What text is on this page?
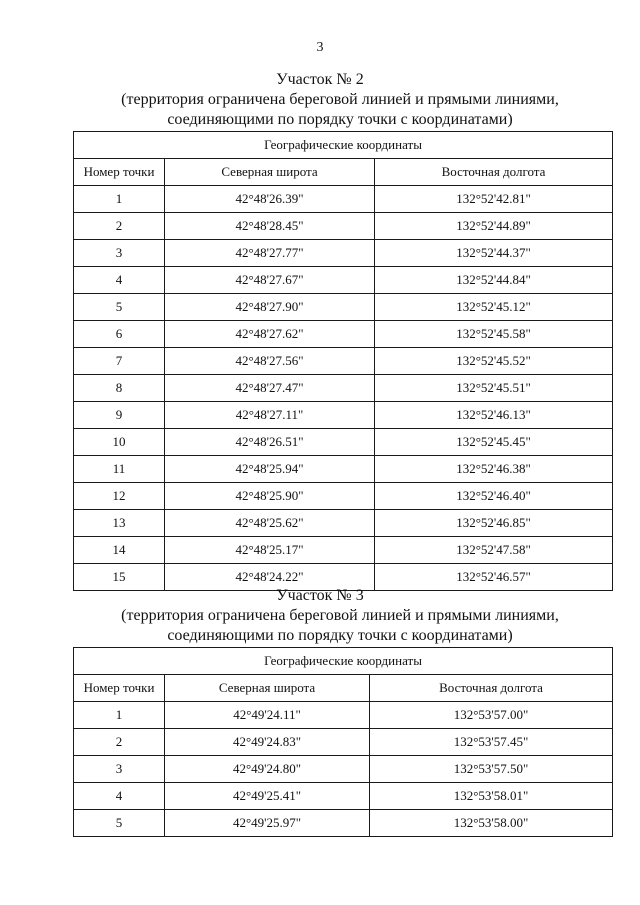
3
Участок № 2
(территория ограничена береговой линией и прямыми линиями, соединяющими по порядку точки с координатами)
Географические координаты		
Номер точки	Северная широта	Восточная долгота
1	42°48'26.39"	132°52'42.81"
2	42°48'28.45"	132°52'44.89"
3	42°48'27.77"	132°52'44.37"
4	42°48'27.67"	132°52'44.84"
5	42°48'27.90"	132°52'45.12"
6	42°48'27.62"	132°52'45.58"
7	42°48'27.56"	132°52'45.52"
8	42°48'27.47"	132°52'45.51"
9	42°48'27.11"	132°52'46.13"
10	42°48'26.51"	132°52'45.45"
11	42°48'25.94"	132°52'46.38"
12	42°48'25.90"	132°52'46.40"
13	42°48'25.62"	132°52'46.85"
14	42°48'25.17"	132°52'47.58"
15	42°48'24.22"	132°52'46.57"
Участок № 3
(территория ограничена береговой линией и прямыми линиями, соединяющими по порядку точки с координатами)
Географические координаты		
Номер точки	Северная широта	Восточная долгота
1	42°49'24.11"	132°53'57.00"
2	42°49'24.83"	132°53'57.45"
3	42°49'24.80"	132°53'57.50"
4	42°49'25.41"	132°53'58.01"
5	42°49'25.97"	132°53'58.00"
